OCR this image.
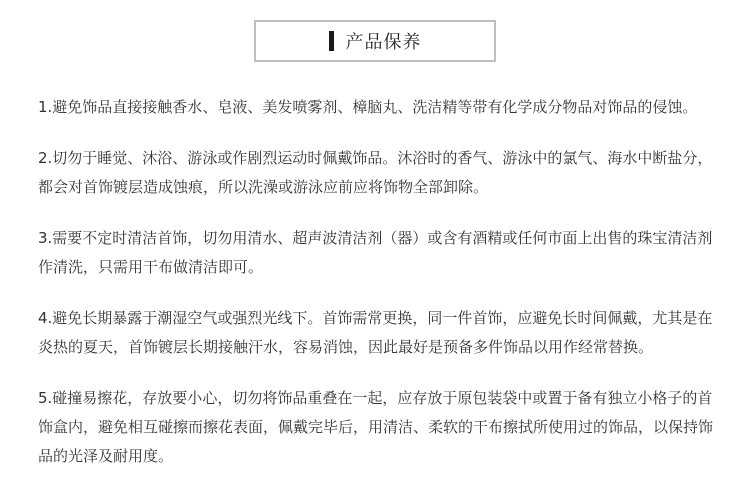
产品保养

1.避免饰品直接接触香水、皂液、美发喷雾剂、樟脑丸、洗洁精等带有化学成分物品对饰品的侵蚀。

2.切勿于睡觉、沐浴、游泳或作剧烈运动时佩戴饰品。沐浴时的香气、游泳中的氯气、海水中断盐分，都会对首饰镀层造成蚀痕，所以洗澡或游泳应前应将饰物全部卸除。

3.需要不定时清洁首饰，切勿用清水、超声波清洁剂（器）或含有酒精或任何市面上出售的珠宝清洁剂作清洗，只需用干布做清洁即可。

4.避免长期暴露于潮湿空气或强烈光线下。首饰需常更换，同一件首饰，应避免长时间佩戴，尤其是在炎热的夏天，首饰镀层长期接触汗水，容易消蚀，因此最好是预备多件饰品以用作经常替换。

5.碰撞易擦花，存放要小心，切勿将饰品重叠在一起，应存放于原包装袋中或置于备有独立小格子的首饰盒内，避免相互碰擦而擦花表面，佩戴完毕后，用清洁、柔软的干布擦拭所使用过的饰品，以保持饰品的光泽及耐用度。
